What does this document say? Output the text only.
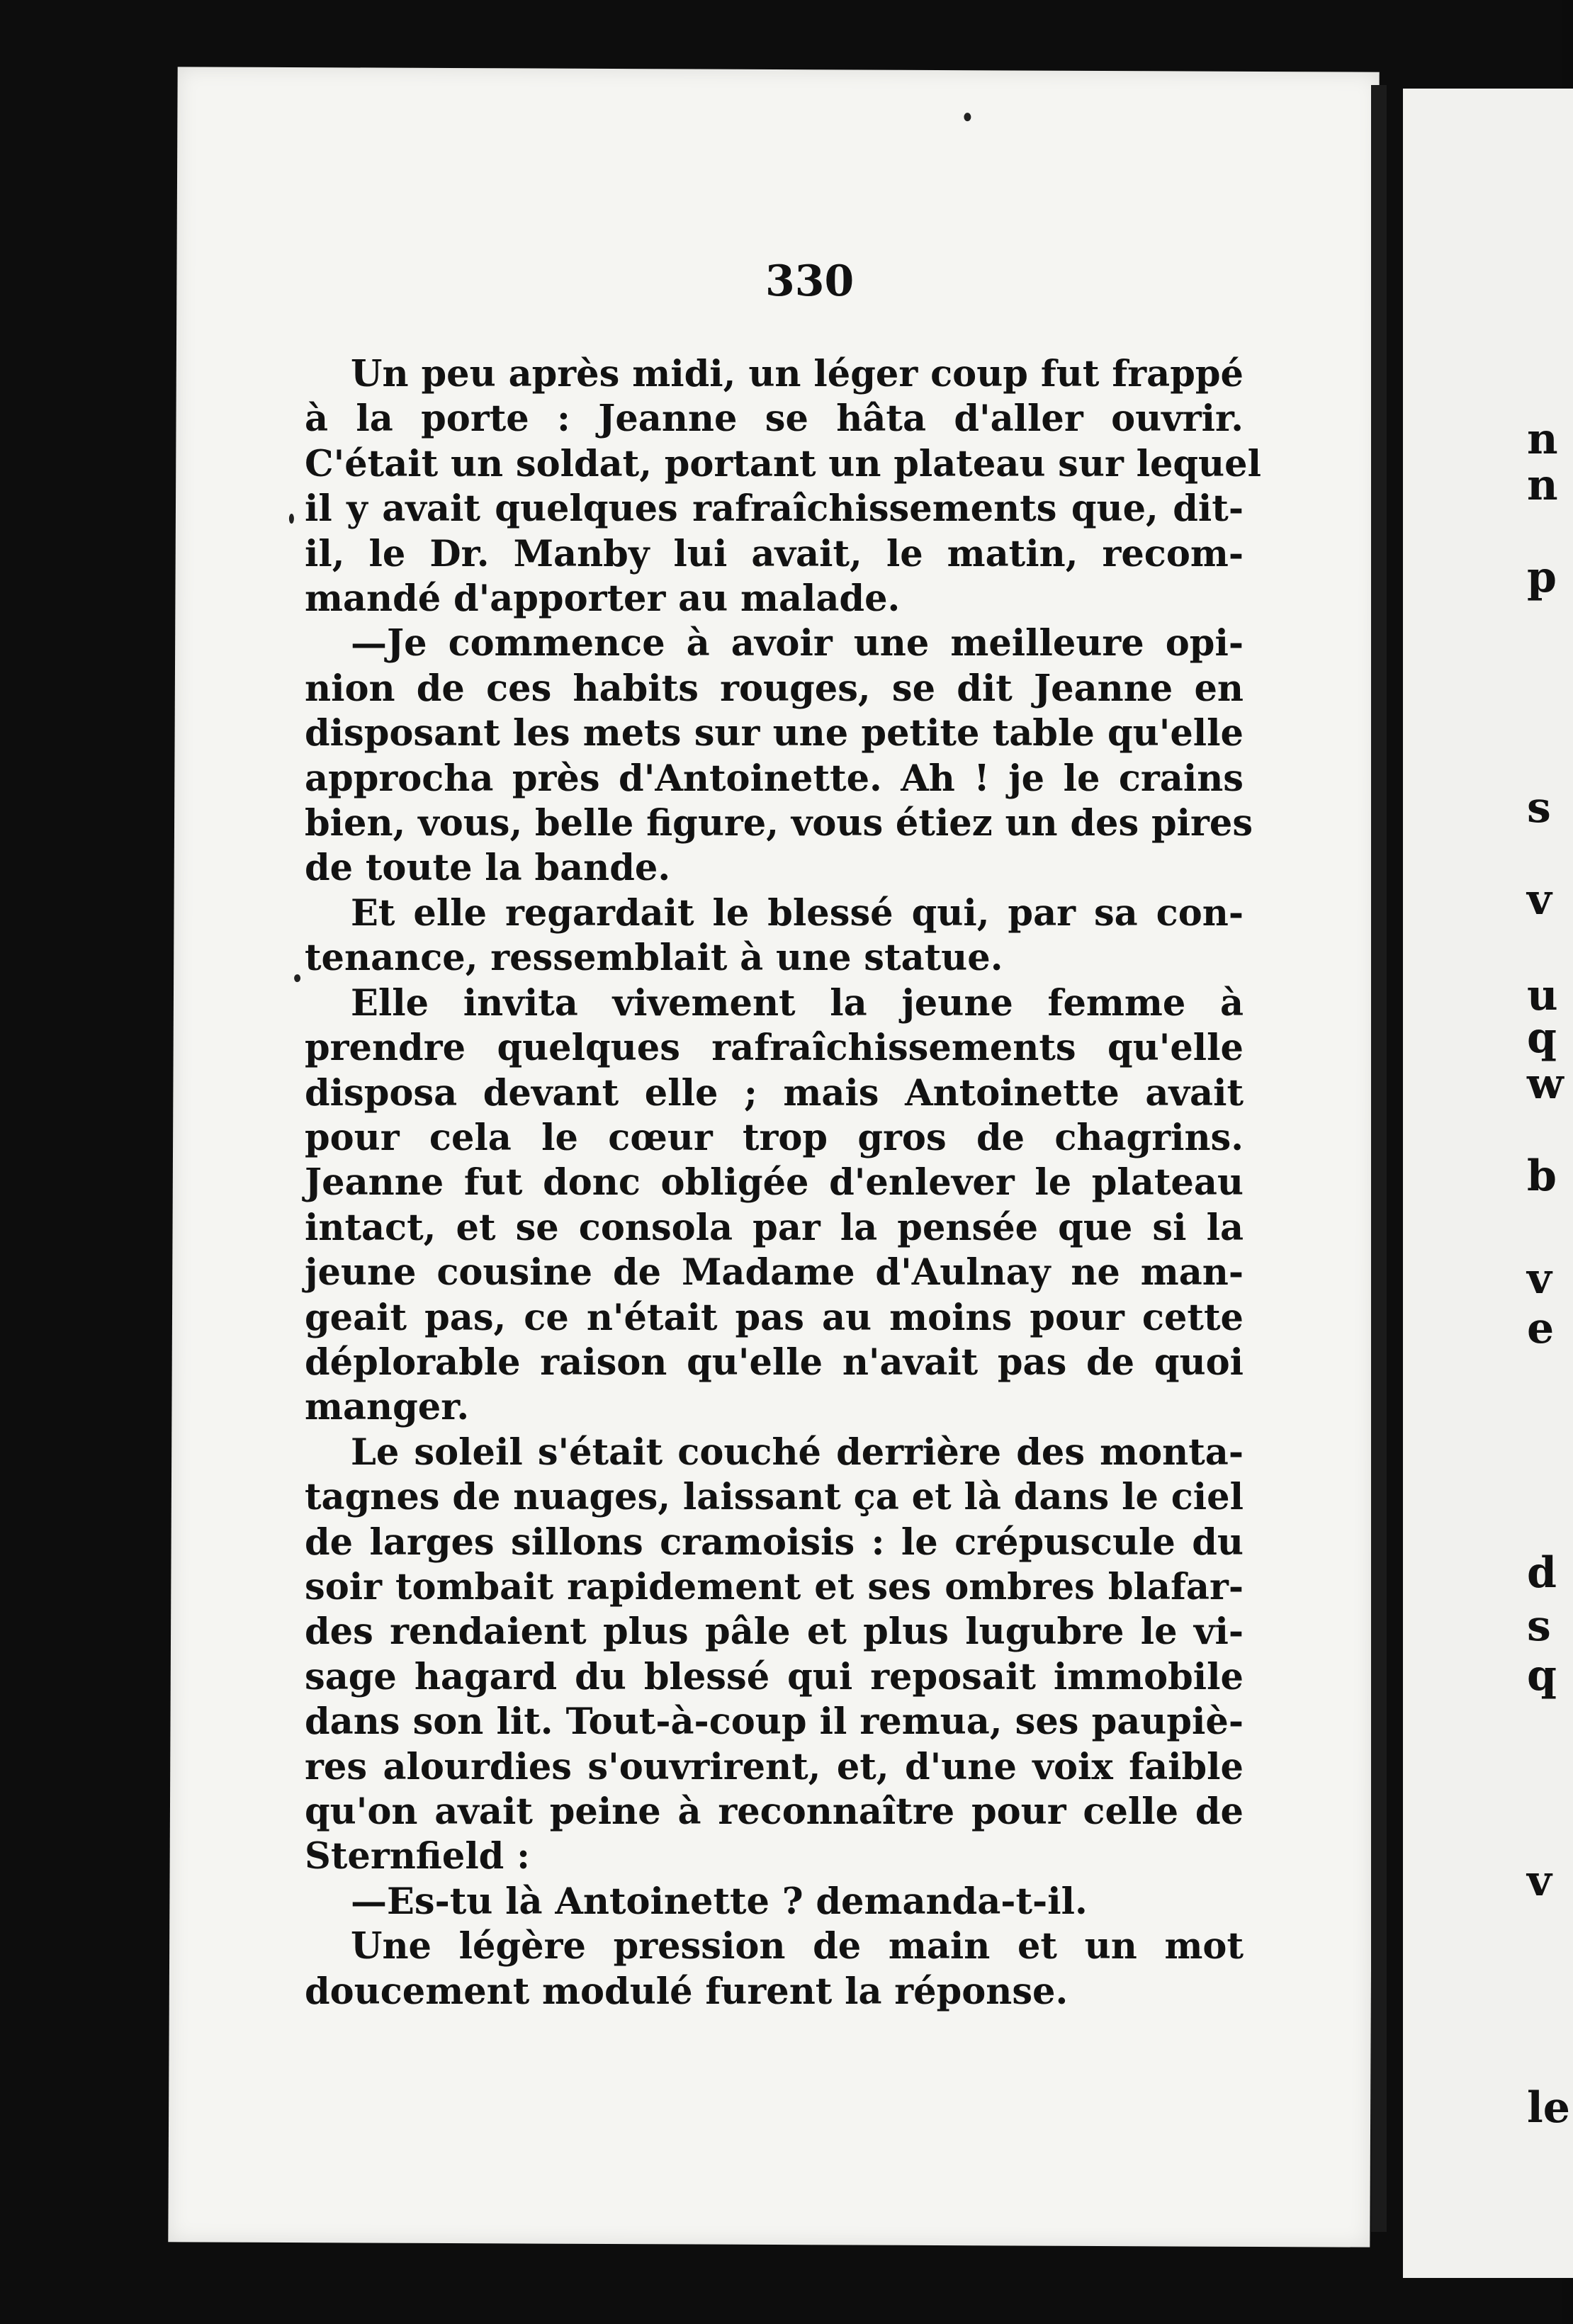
n
n
p
s
v
u
q
w
b
v
e
d
s
q
v
le
330

Un peu après midi, un léger coup fut frappé
à la porte : Jeanne se hâta d'aller ouvrir.
C'était un soldat, portant un plateau sur lequel
il y avait quelques rafraîchissements que, dit-
il, le Dr. Manby lui avait, le matin, recom-
mandé d'apporter au malade.

—Je commence à avoir une meilleure opi-
nion de ces habits rouges, se dit Jeanne en
disposant les mets sur une petite table qu'elle
approcha près d'Antoinette. Ah ! je le crains
bien, vous, belle figure, vous étiez un des pires
de toute la bande.

Et elle regardait le blessé qui, par sa con-
tenance, ressemblait à une statue.

Elle invita vivement la jeune femme à
prendre quelques rafraîchissements qu'elle
disposa devant elle ; mais Antoinette avait
pour cela le cœur trop gros de chagrins.
Jeanne fut donc obligée d'enlever le plateau
intact, et se consola par la pensée que si la
jeune cousine de Madame d'Aulnay ne man-
geait pas, ce n'était pas au moins pour cette
déplorable raison qu'elle n'avait pas de quoi
manger.

Le soleil s'était couché derrière des monta-
tagnes de nuages, laissant ça et là dans le ciel
de larges sillons cramoisis : le crépuscule du
soir tombait rapidement et ses ombres blafar-
des rendaient plus pâle et plus lugubre le vi-
sage hagard du blessé qui reposait immobile
dans son lit. Tout-à-coup il remua, ses paupiè-
res alourdies s'ouvrirent, et, d'une voix faible
qu'on avait peine à reconnaître pour celle de
Sternfield :

—Es-tu là Antoinette ? demanda-t-il.

Une légère pression de main et un mot
doucement modulé furent la réponse.
